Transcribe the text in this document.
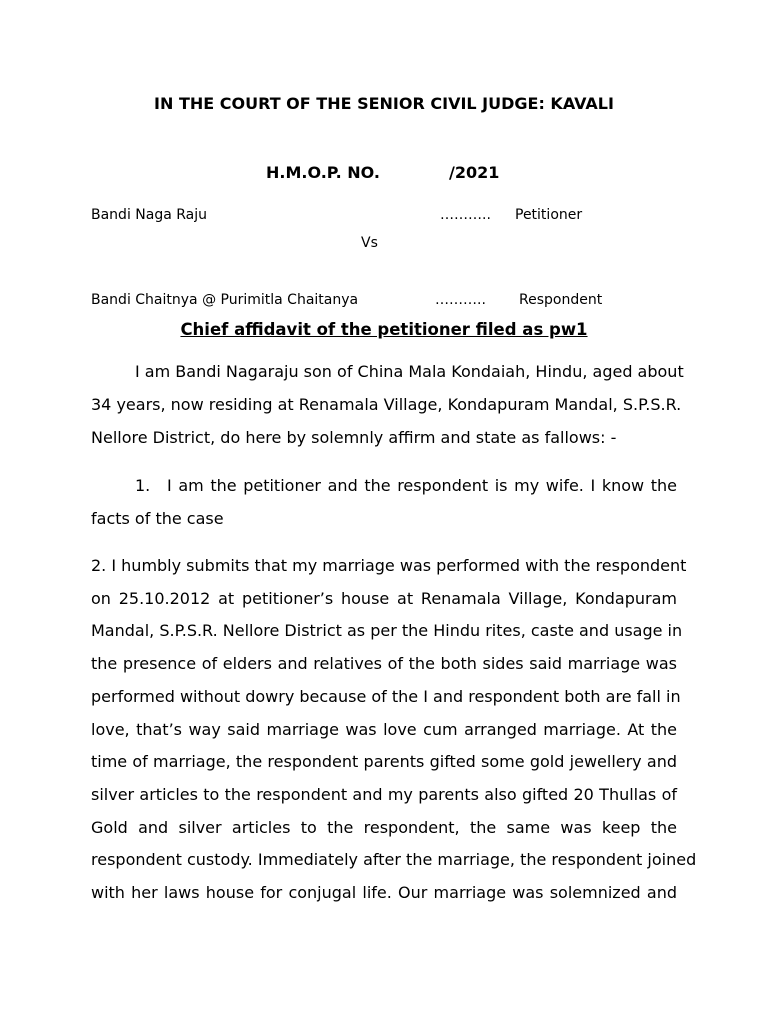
IN THE COURT OF THE SENIOR CIVIL JUDGE: KAVALI
H.M.O.P. NO.	/2021
Bandi Naga Raju	……….. Petitioner
Vs
Bandi Chaitnya @ Purimitla Chaitanya	……….. Respondent
Chief affidavit of the petitioner filed as pw1
I am Bandi Nagaraju son of China Mala Kondaiah, Hindu, aged about
34 years, now residing at Renamala Village, Kondapuram Mandal, S.P.S.R.
Nellore District, do here by solemnly affirm and state as fallows: -
1. I am the petitioner and the respondent is my wife. I know the
facts of the case
2. I humbly submits that my marriage was performed with the respondent
on 25.10.2012 at petitioner’s house at Renamala Village, Kondapuram
Mandal, S.P.S.R. Nellore District as per the Hindu rites, caste and usage in
the presence of elders and relatives of the both sides said marriage was
performed without dowry because of the I and respondent both are fall in
love, that’s way said marriage was love cum arranged marriage. At the
time of marriage, the respondent parents gifted some gold jewellery and
silver articles to the respondent and my parents also gifted 20 Thullas of
Gold and silver articles to the respondent, the same was keep the
respondent custody. Immediately after the marriage, the respondent joined
with her laws house for conjugal life. Our marriage was solemnized and
